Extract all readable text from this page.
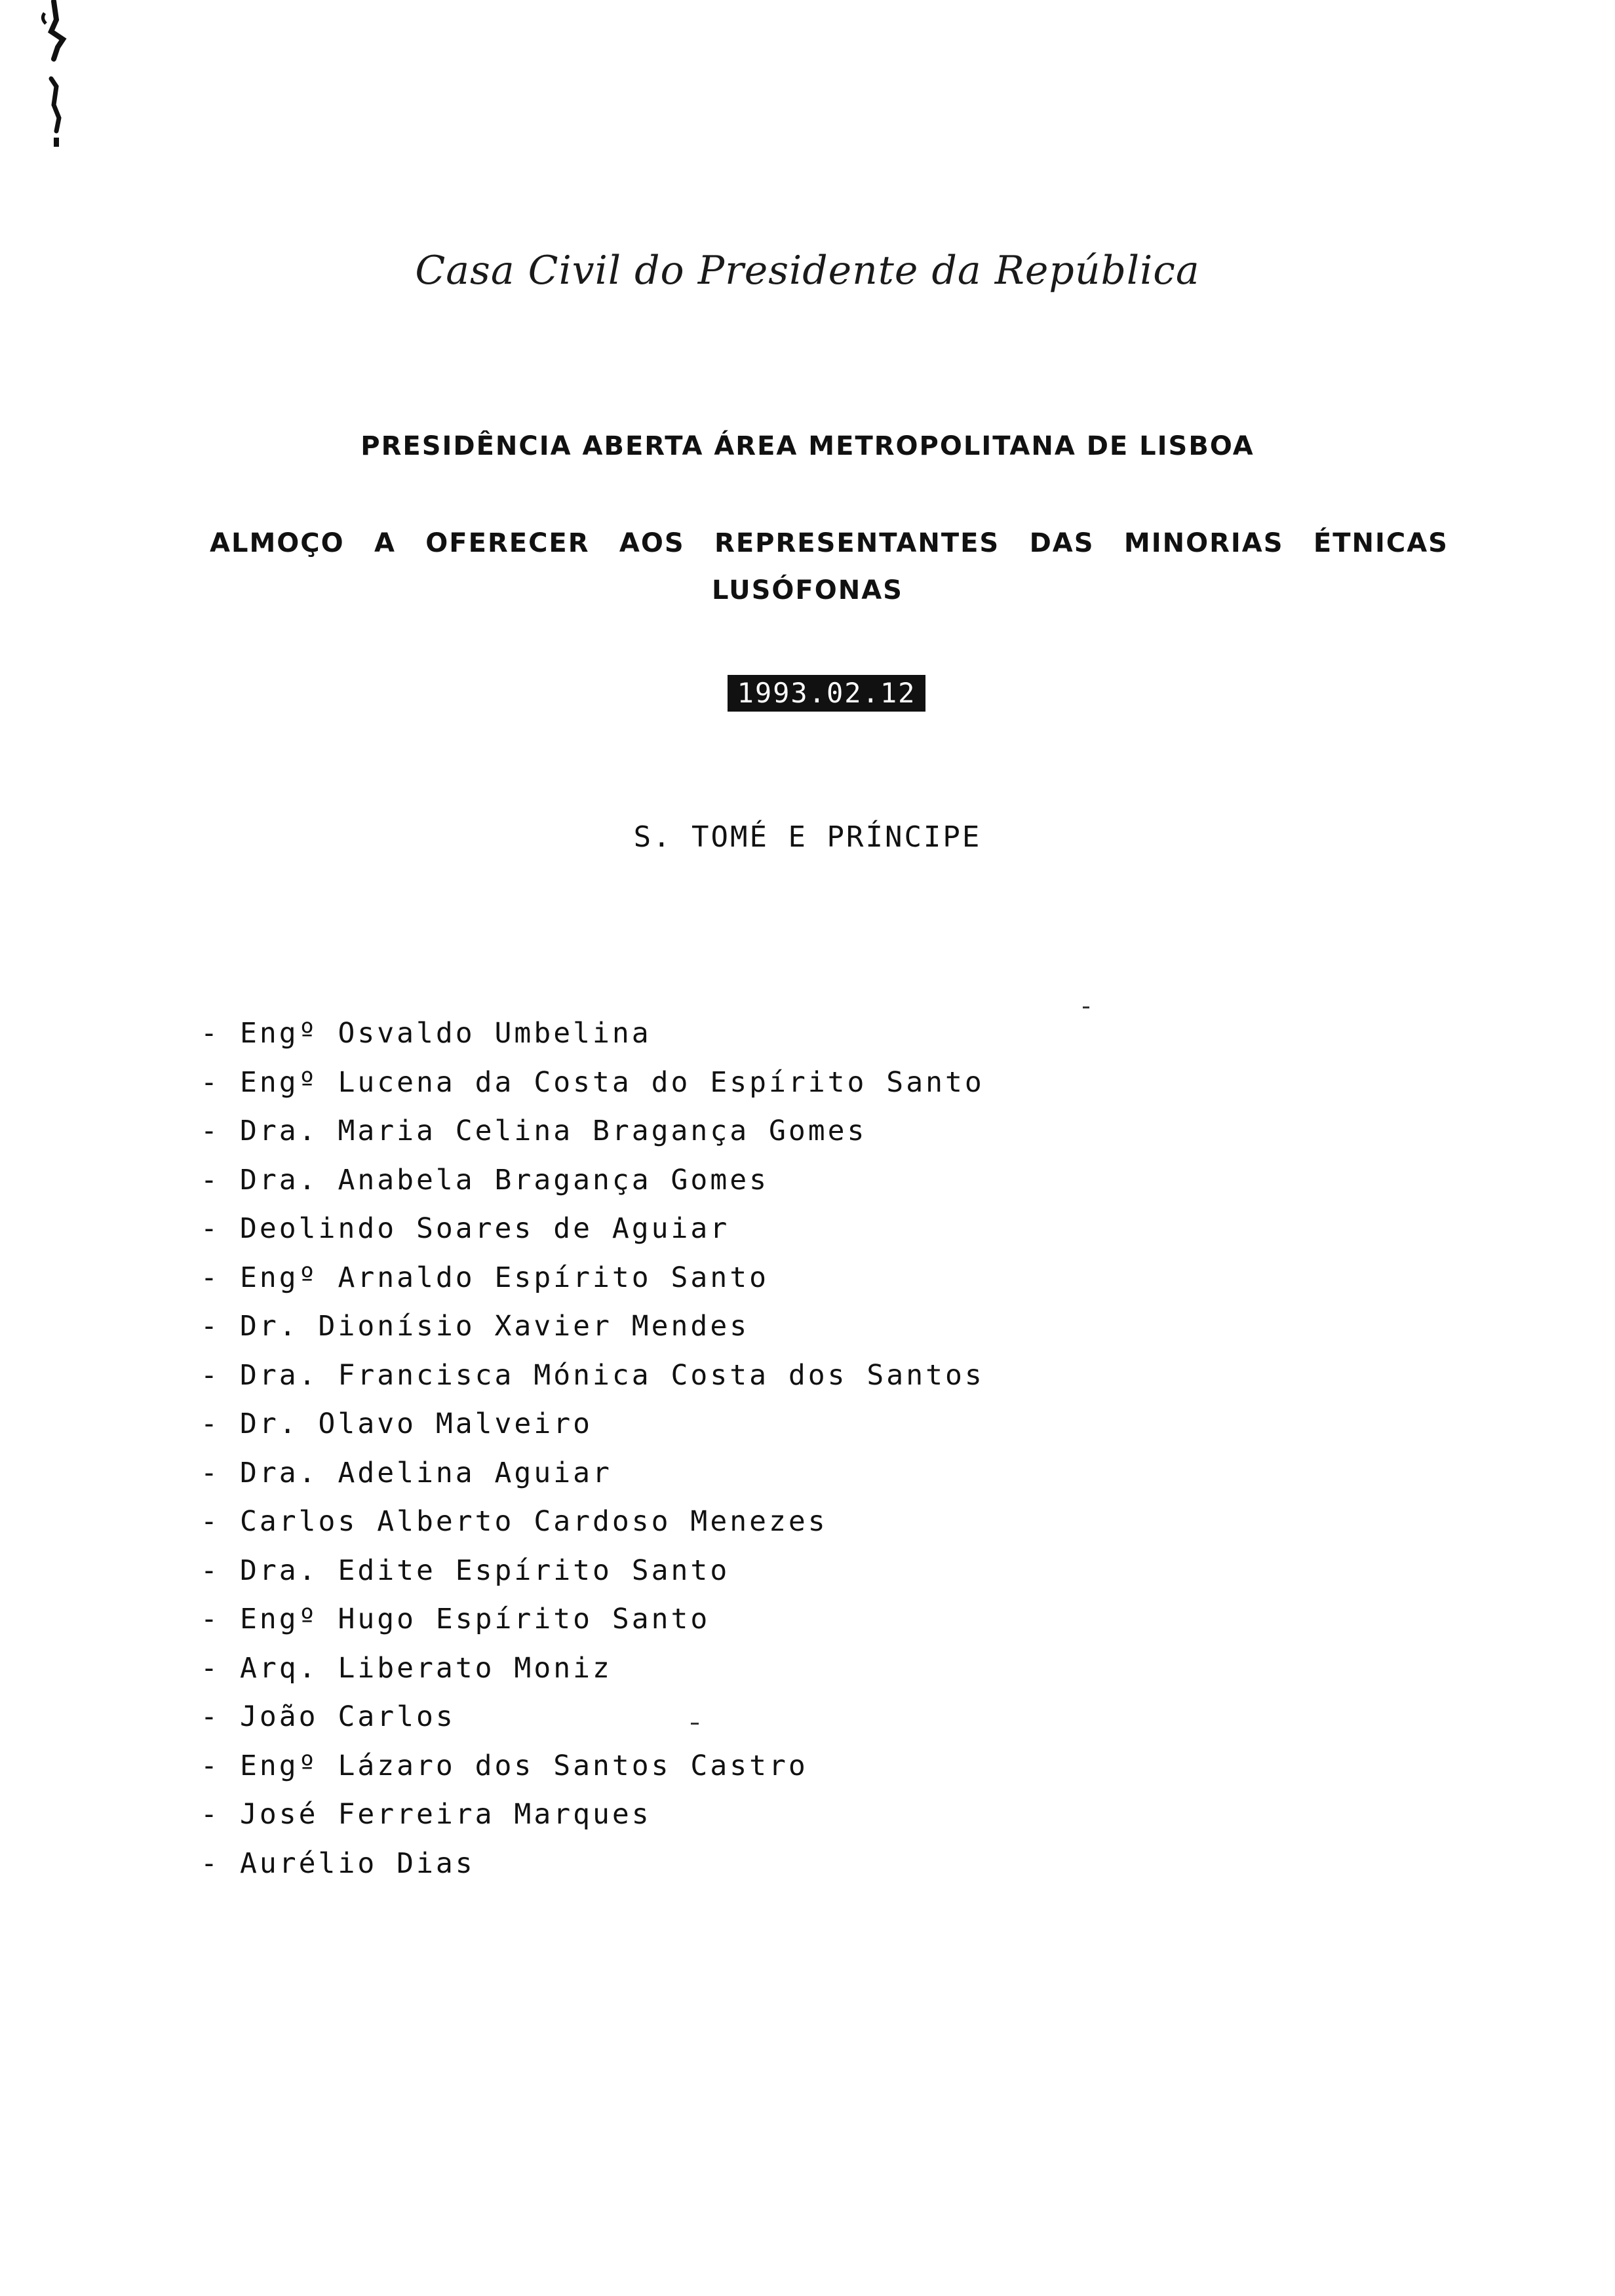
Casa Civil do Presidente da República
PRESIDÊNCIA ABERTA ÁREA METROPOLITANA DE LISBOA
ALMOÇO A OFERECER AOS REPRESENTANTES DAS MINORIAS ÉTNICAS
LUSÓFONAS
1993.02.12
S. TOMÉ E PRÍNCIPE
- Engº Osvaldo Umbelina
- Engº Lucena da Costa do Espírito Santo
- Dra. Maria Celina Bragança Gomes
- Dra. Anabela Bragança Gomes
- Deolindo Soares de Aguiar
- Engº Arnaldo Espírito Santo
- Dr. Dionísio Xavier Mendes
- Dra. Francisca Mónica Costa dos Santos
- Dr. Olavo Malveiro
- Dra. Adelina Aguiar
- Carlos Alberto Cardoso Menezes
- Dra. Edite Espírito Santo
- Engº Hugo Espírito Santo
- Arq. Liberato Moniz
- João Carlos
- Engº Lázaro dos Santos Castro
- José Ferreira Marques
- Aurélio Dias
